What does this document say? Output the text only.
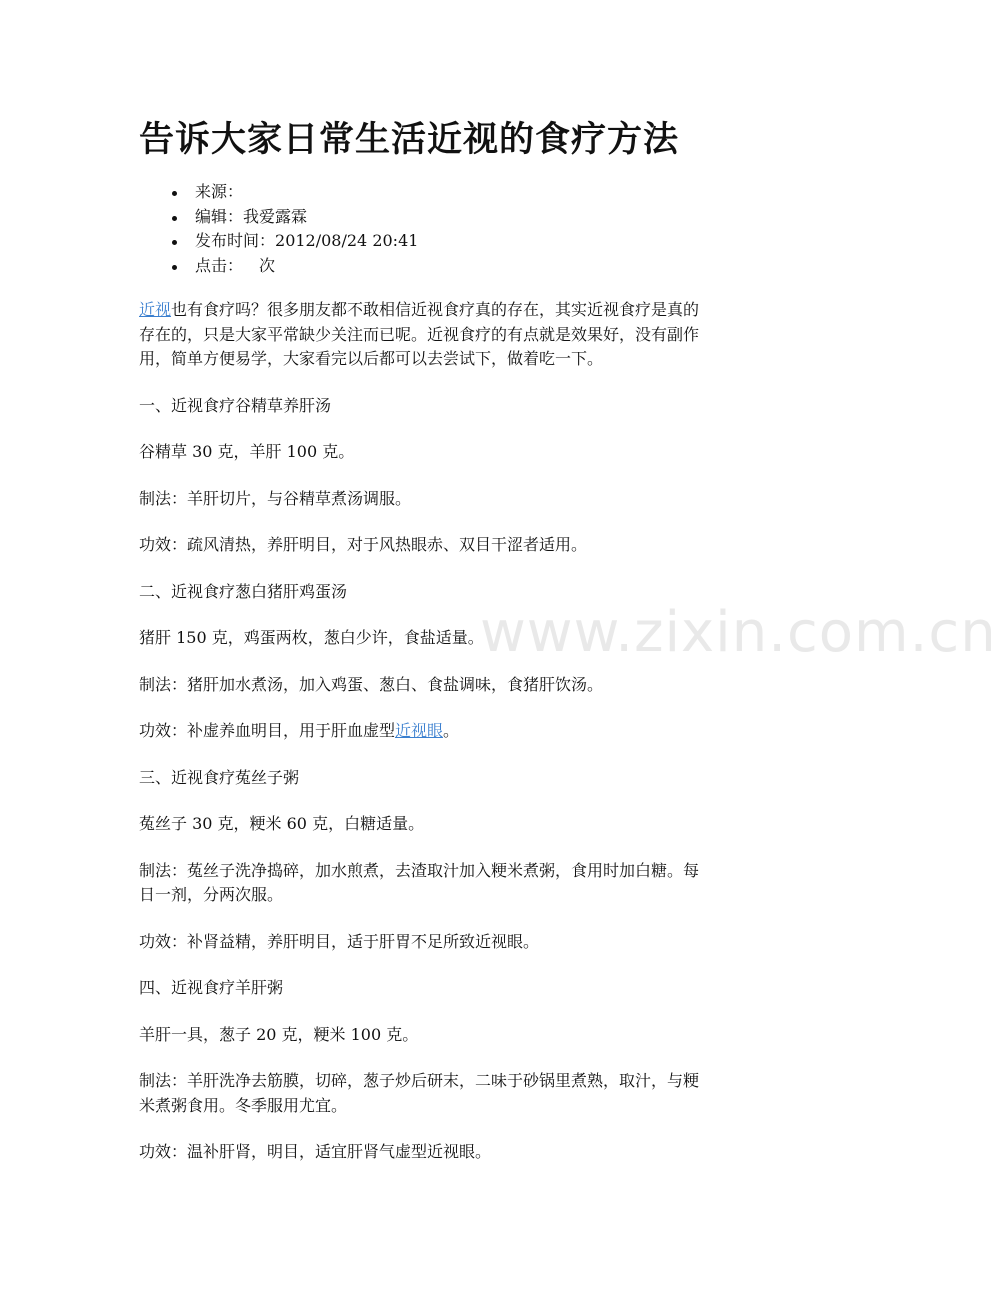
www.zixin.com.cn
告诉大家日常生活近视的食疗方法
来源：
编辑：我爱露霖
发布时间：2012/08/24 20:41
点击： 次

近视也有食疗吗？很多朋友都不敢相信近视食疗真的存在，其实近视食疗是真的

存在的，只是大家平常缺少关注而已呢。近视食疗的有点就是效果好，没有副作

用，简单方便易学，大家看完以后都可以去尝试下，做着吃一下。

一、近视食疗谷精草养肝汤

谷精草 30 克，羊肝 100 克。

制法：羊肝切片，与谷精草煮汤调服。

功效：疏风清热，养肝明目，对于风热眼赤、双目干涩者适用。

二、近视食疗葱白猪肝鸡蛋汤

猪肝 150 克，鸡蛋两枚，葱白少许，食盐适量。

制法：猪肝加水煮汤，加入鸡蛋、葱白、食盐调味，食猪肝饮汤。

功效：补虚养血明目，用于肝血虚型近视眼。

三、近视食疗菟丝子粥

菟丝子 30 克，粳米 60 克，白糖适量。

制法：菟丝子洗净捣碎，加水煎煮，去渣取汁加入粳米煮粥，食用时加白糖。每

日一剂，分两次服。

功效：补肾益精，养肝明目，适于肝胃不足所致近视眼。

四、近视食疗羊肝粥

羊肝一具，葱子 20 克，粳米 100 克。

制法：羊肝洗净去筋膜，切碎，葱子炒后研末，二味于砂锅里煮熟，取汁，与粳

米煮粥食用。冬季服用尤宜。

功效：温补肝肾，明目，适宜肝肾气虚型近视眼。
